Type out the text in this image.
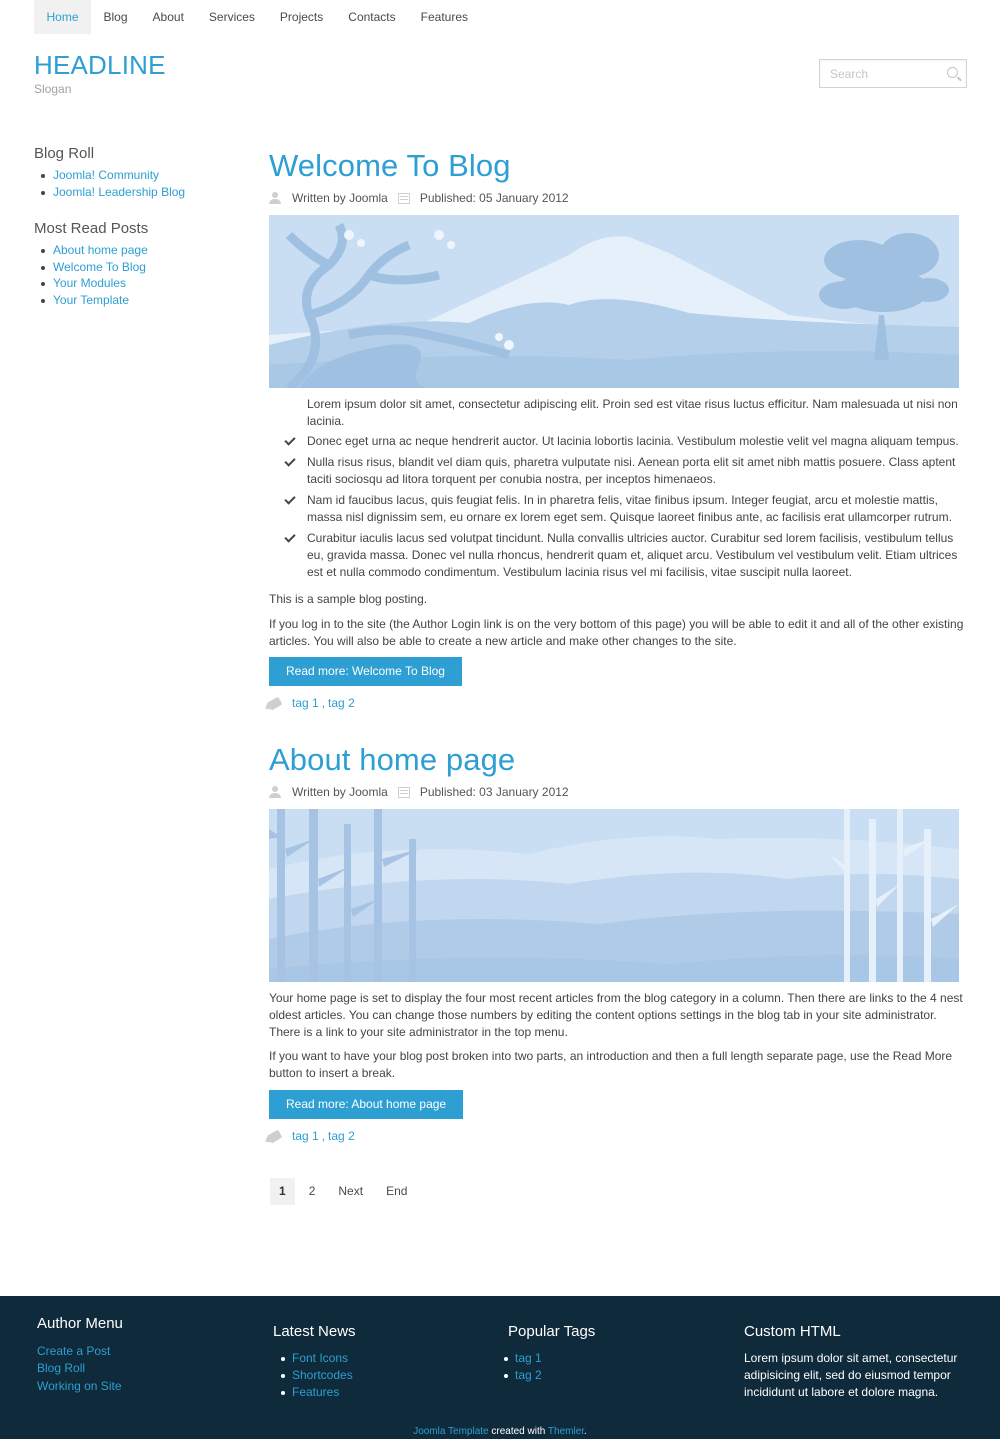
Home	Blog	About	Services	Projects	Contacts	Features
HEADLINE
Slogan
Search
Blog Roll
Joomla! Community
Joomla! Leadership Blog
Most Read Posts
About home page
Welcome To Blog
Your Modules
Your Template
Welcome To Blog
Written by Joomla	Published: 05 January 2012
Lorem ipsum dolor sit amet, consectetur adipiscing elit. Proin sed est vitae risus luctus efficitur. Nam malesuada ut nisi non lacinia.
Donec eget urna ac neque hendrerit auctor. Ut lacinia lobortis lacinia. Vestibulum molestie velit vel magna aliquam tempus.
Nulla risus risus, blandit vel diam quis, pharetra vulputate nisi. Aenean porta elit sit amet nibh mattis posuere. Class aptent taciti sociosqu ad litora torquent per conubia nostra, per inceptos himenaeos.
Nam id faucibus lacus, quis feugiat felis. In in pharetra felis, vitae finibus ipsum. Integer feugiat, arcu et molestie mattis, massa nisl dignissim sem, eu ornare ex lorem eget sem. Quisque laoreet finibus ante, ac facilisis erat ullamcorper rutrum.
Curabitur iaculis lacus sed volutpat tincidunt. Nulla convallis ultricies auctor. Curabitur sed lorem facilisis, vestibulum tellus eu, gravida massa. Donec vel nulla rhoncus, hendrerit quam et, aliquet arcu. Vestibulum vel vestibulum velit. Etiam ultrices est et nulla commodo condimentum. Vestibulum lacinia risus vel mi facilisis, vitae suscipit nulla laoreet.
This is a sample blog posting.
If you log in to the site (the Author Login link is on the very bottom of this page) you will be able to edit it and all of the other existing articles. You will also be able to create a new article and make other changes to the site.
Read more: Welcome To Blog
tag 1 , tag 2
About home page
Written by Joomla	Published: 03 January 2012
Your home page is set to display the four most recent articles from the blog category in a column. Then there are links to the 4 nest oldest articles. You can change those numbers by editing the content options settings in the blog tab in your site administrator. There is a link to your site administrator in the top menu.
If you want to have your blog post broken into two parts, an introduction and then a full length separate page, use the Read More button to insert a break.
Read more: About home page
tag 1 , tag 2
1	2	Next	End
Author Menu
Create a Post
Blog Roll
Working on Site
Latest News
Font Icons
Shortcodes
Features
Popular Tags
tag 1
tag 2
Custom HTML
Lorem ipsum dolor sit amet, consectetur adipisicing elit, sed do eiusmod tempor incididunt ut labore et dolore magna.
Joomla Template created with Themler.
